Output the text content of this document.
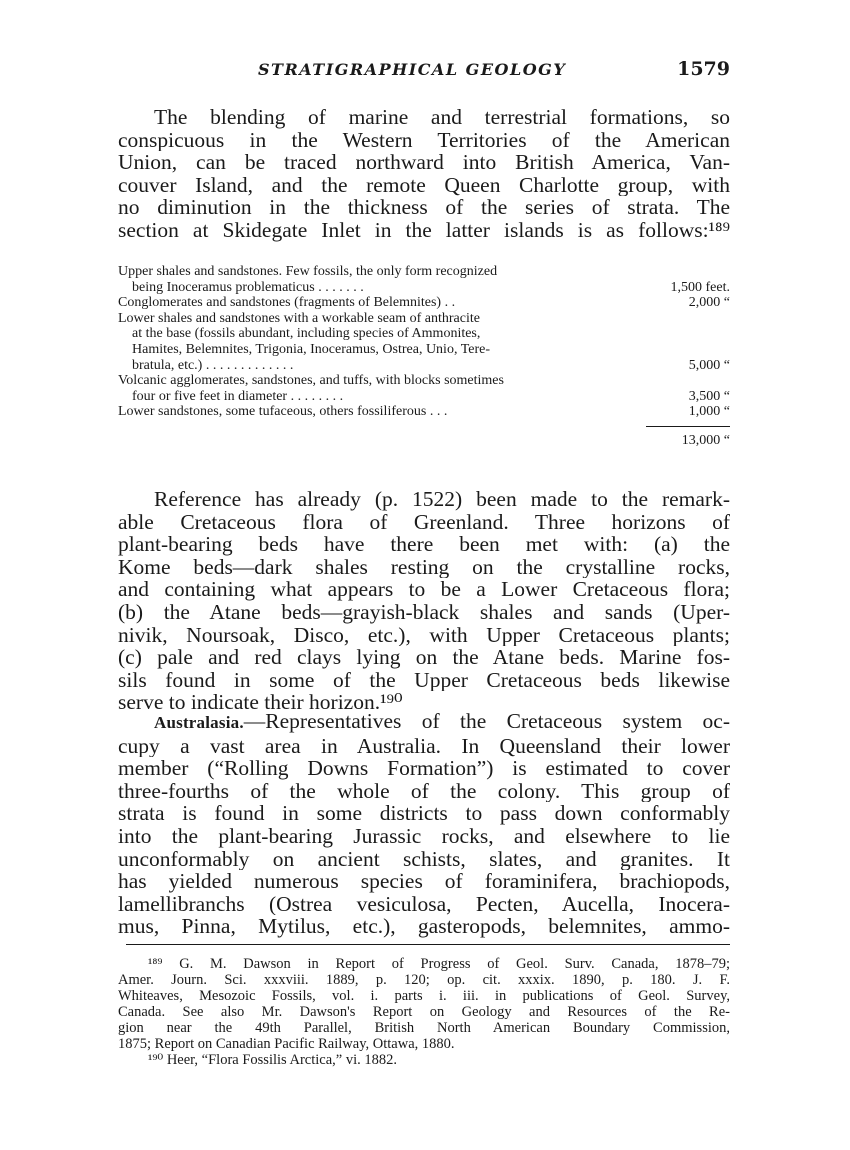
STRATIGRAPHICAL GEOLOGY	1579
The blending of marine and terrestrial formations, so
conspicuous in the Western Territories of the American
Union, can be traced northward into British America, Van-
couver Island, and the remote Queen Charlotte group, with
no diminution in the thickness of the series of strata. The
section at Skidegate Inlet in the latter islands is as follows:¹⁸⁹
Upper shales and sandstones. Few fossils, the only form recognized
being Inoceramus problematicus . . . . . . .	1,500 feet.
Conglomerates and sandstones (fragments of Belemnites) . .	2,000 “
Lower shales and sandstones with a workable seam of anthracite
at the base (fossils abundant, including species of Ammonites,
Hamites, Belemnites, Trigonia, Inoceramus, Ostrea, Unio, Tere-
bratula, etc.) . . . . . . . . . . . . .	5,000 “
Volcanic agglomerates, sandstones, and tuffs, with blocks sometimes
four or five feet in diameter . . . . . . . .	3,500 “
Lower sandstones, some tufaceous, others fossiliferous . . .	1,000 “
13,000 “
Reference has already (p. 1522) been made to the remark-
able Cretaceous flora of Greenland. Three horizons of
plant-bearing beds have there been met with: (a) the
Kome beds—dark shales resting on the crystalline rocks,
and containing what appears to be a Lower Cretaceous flora;
(b) the Atane beds—grayish-black shales and sands (Uper-
nivik, Noursoak, Disco, etc.), with Upper Cretaceous plants;
(c) pale and red clays lying on the Atane beds. Marine fos-
sils found in some of the Upper Cretaceous beds likewise
serve to indicate their horizon.¹⁹⁰
Australasia.—Representatives of the Cretaceous system oc-
cupy a vast area in Australia. In Queensland their lower
member (“Rolling Downs Formation”) is estimated to cover
three-fourths of the whole of the colony. This group of
strata is found in some districts to pass down conformably
into the plant-bearing Jurassic rocks, and elsewhere to lie
unconformably on ancient schists, slates, and granites. It
has yielded numerous species of foraminifera, brachiopods,
lamellibranchs (Ostrea vesiculosa, Pecten, Aucella, Inocera-
mus, Pinna, Mytilus, etc.), gasteropods, belemnites, ammo-
¹⁸⁹ G. M. Dawson in Report of Progress of Geol. Surv. Canada, 1878–79;
Amer. Journ. Sci. xxxviii. 1889, p. 120; op. cit. xxxix. 1890, p. 180. J. F.
Whiteaves, Mesozoic Fossils, vol. i. parts i. iii. in publications of Geol. Survey,
Canada. See also Mr. Dawson's Report on Geology and Resources of the Re-
gion near the 49th Parallel, British North American Boundary Commission,
1875; Report on Canadian Pacific Railway, Ottawa, 1880.
¹⁹⁰ Heer, “Flora Fossilis Arctica,” vi. 1882.
